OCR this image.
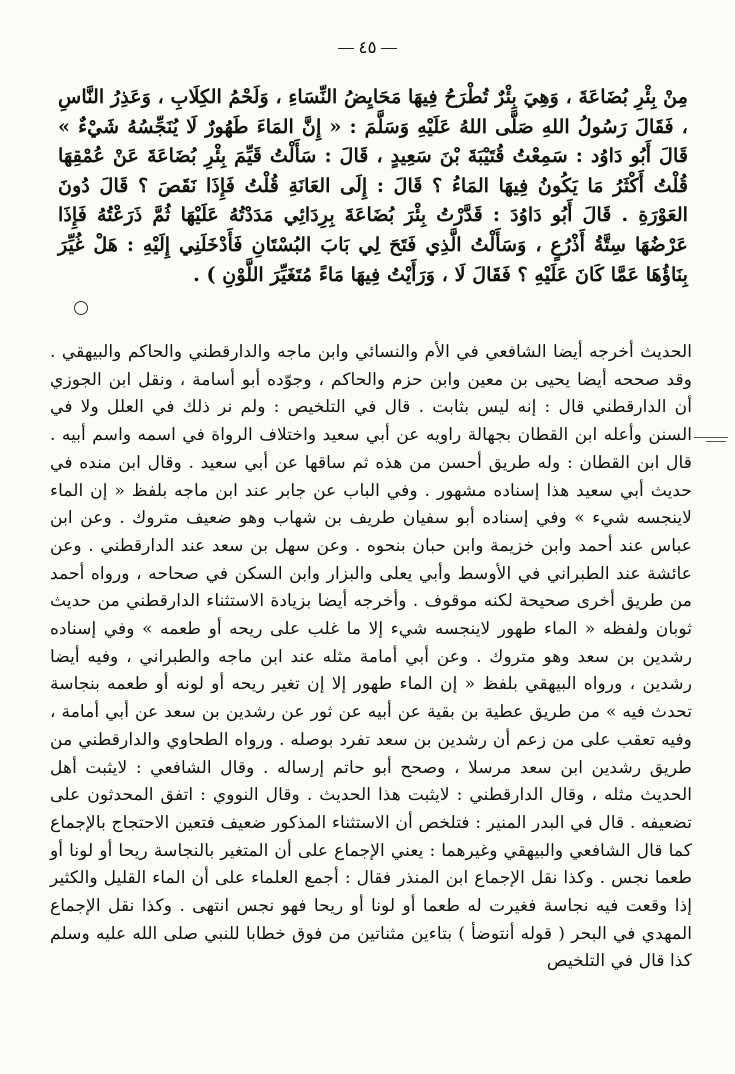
٤٥

مِنْ بِئْرِ بُضَاعَةَ ، وَهِيَ بِئْرٌ تُطْرَحُ فِيهَا مَحَايِضُ النِّسَاءِ ، وَلَحْمُ الكِلَابِ ، وَعَذِرُ النَّاسِ ، فَقَالَ رَسُولُ اللهِ صَلَّى اللهُ عَلَيْهِ وَسَلَّمَ : « إِنَّ المَاءَ طَهُورٌ لَا يُنَجِّسُهُ شَيْءٌ » قَالَ أَبُو دَاوُد : سَمِعْتُ قُتَيْبَةَ بْنَ سَعِيدٍ ، قَالَ : سَأَلْتُ قَيِّمَ بِئْرِ بُضَاعَةَ عَنْ عُمْقِهَا قُلْتُ أَكْثَرُ مَا يَكُونُ فِيهَا المَاءُ ؟ قَالَ : إِلَى العَانَةِ قُلْتُ فَإِذَا نَقَصَ ؟ قَالَ دُونَ العَوْرَةِ . قَالَ أَبُو دَاوُدَ : قَدَّرْتُ بِئْرَ بُضَاعَةَ بِرِدَائِي مَدَدْتُهُ عَلَيْهَا ثُمَّ ذَرَعْتُهُ فَإِذَا عَرْضُهَا سِتَّةُ أَذْرُعٍ ، وَسَأَلْتُ الَّذِي فَتَحَ لِي بَابَ البُسْتَانِ فَأَدْخَلَنِي إِلَيْهِ : هَلْ غُيِّرَ بِنَاؤُهَا عَمَّا كَانَ عَلَيْهِ ؟ فَقَالَ لَا ، وَرَأَيْتُ فِيهَا مَاءً مُتَغَيِّرَ اللَّوْنِ ) .

الحديث أخرجه أيضا الشافعي في الأم والنسائي وابن ماجه والدارقطني والحاكم والبيهقي . وقد صححه أيضا يحيى بن معين وابن حزم والحاكم ، وجوّده أبو أسامة ، ونقل ابن الجوزي أن الدارقطني قال : إنه ليس بثابت . قال في التلخيص : ولم نر ذلك في العلل ولا في السنن وأعله ابن القطان بجهالة راويه عن أبي سعيد واختلاف الرواة في اسمه واسم أبيه . قال ابن القطان : وله طريق أحسن من هذه ثم ساقها عن أبي سعيد . وقال ابن منده في حديث أبي سعيد هذا إسناده مشهور . وفي الباب عن جابر عند ابن ماجه بلفظ « إن الماء لاينجسه شيء » وفي إسناده أبو سفيان طريف بن شهاب وهو ضعيف متروك . وعن ابن عباس عند أحمد وابن خزيمة وابن حبان بنحوه . وعن سهل بن سعد عند الدارقطني . وعن عائشة عند الطبراني في الأوسط وأبي يعلى والبزار وابن السكن في صحاحه ، ورواه أحمد من طريق أخرى صحيحة لكنه موقوف . وأخرجه أيضا بزيادة الاستثناء الدارقطني من حديث ثوبان ولفظه « الماء طهور لاينجسه شيء إلا ما غلب على ريحه أو طعمه » وفي إسناده رشدين بن سعد وهو متروك . وعن أبي أمامة مثله عند ابن ماجه والطبراني ، وفيه أيضا رشدين ، ورواه البيهقي بلفظ « إن الماء طهور إلا إن تغير ريحه أو لونه أو طعمه بنجاسة تحدث فيه » من طريق عطية بن بقية عن أبيه عن ثور عن رشدين بن سعد عن أبي أمامة ، وفيه تعقب على من زعم أن رشدين بن سعد تفرد بوصله . ورواه الطحاوي والدارقطني من طريق رشدين ابن سعد مرسلا ، وصحح أبو حاتم إرساله . وقال الشافعي : لايثبت أهل الحديث مثله ، وقال الدارقطني : لايثبت هذا الحديث . وقال النووي : اتفق المحدثون على تضعيفه . قال في البدر المنير : فتلخص أن الاستثناء المذكور ضعيف فتعين الاحتجاج بالإجماع كما قال الشافعي والبيهقي وغيرهما : يعني الإجماع على أن المتغير بالنجاسة ريحا أو لونا أو طعما نجس . وكذا نقل الإجماع ابن المنذر فقال : أجمع العلماء على أن الماء القليل والكثير إذا وقعت فيه نجاسة فغيرت له طعما أو لونا أو ريحا فهو نجس انتهى . وكذا نقل الإجماع المهدي في البحر ( قوله أنتوضأ ) بتاءين مثناتين من فوق خطابا للنبي صلى الله عليه وسلم كذا قال في التلخيص
